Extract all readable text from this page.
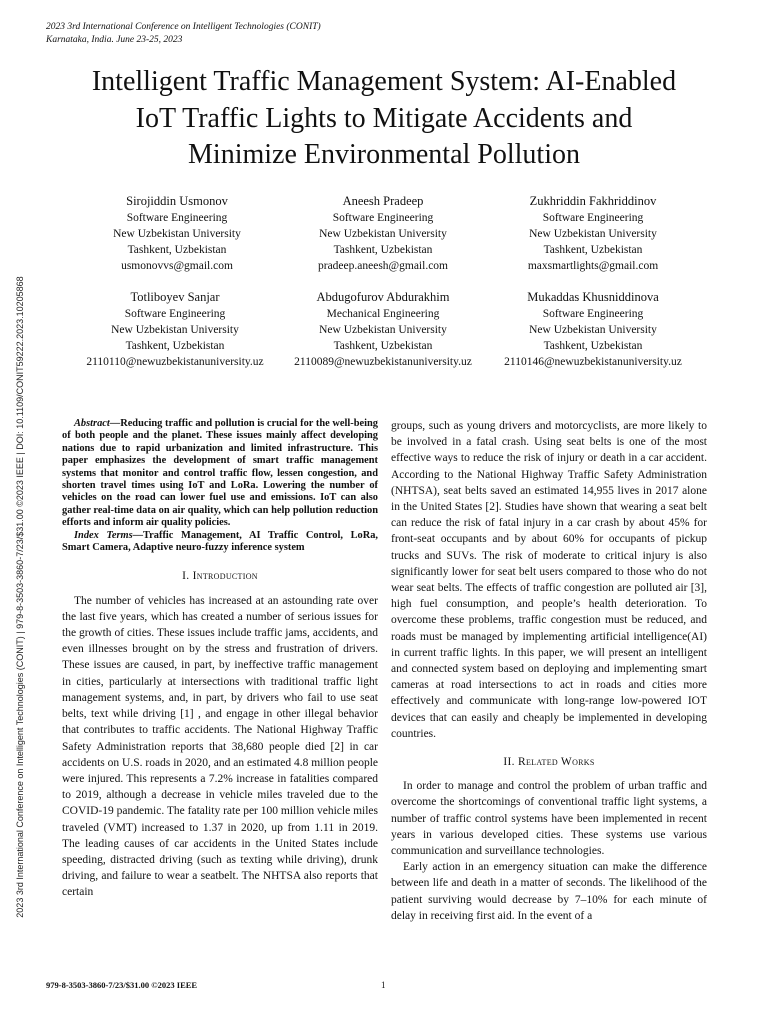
2023 3rd International Conference on Intelligent Technologies (CONIT)
Karnataka, India. June 23-25, 2023
Intelligent Traffic Management System: AI-Enabled
IoT Traffic Lights to Mitigate Accidents and
Minimize Environmental Pollution
Sirojiddin Usmonov
Software Engineering
New Uzbekistan University
Tashkent, Uzbekistan
usmonovvs@gmail.com
Aneesh Pradeep
Software Engineering
New Uzbekistan University
Tashkent, Uzbekistan
pradeep.aneesh@gmail.com
Zukhriddin Fakhriddinov
Software Engineering
New Uzbekistan University
Tashkent, Uzbekistan
maxsmartlights@gmail.com
Totliboyev Sanjar
Software Engineering
New Uzbekistan University
Tashkent, Uzbekistan
2110110@newuzbekistanuniversity.uz
Abdugofurov Abdurakhim
Mechanical Engineering
New Uzbekistan University
Tashkent, Uzbekistan
2110089@newuzbekistanuniversity.uz
Mukaddas Khusniddinova
Software Engineering
New Uzbekistan University
Tashkent, Uzbekistan
2110146@newuzbekistanuniversity.uz
2023 3rd International Conference on Intelligent Technologies (CONIT) | 979-8-3503-3860-7/23/$31.00 ©2023 IEEE | DOI: 10.1109/CONIT59222.2023.10205868	Abstract—Reducing traffic and pollution is crucial for the well-being of both people and the planet. These issues mainly affect developing nations due to rapid urbanization and limited infrastructure. This paper emphasizes the development of smart traffic management systems that monitor and control traffic flow, lessen congestion, and shorten travel times using IoT and LoRa. Lowering the number of vehicles on the road can lower fuel use and emissions. IoT can also gather real-time data on air quality, which can help pollution reduction efforts and inform air quality policies.

Index Terms—Traffic Management, AI Traffic Control, LoRa, Smart Camera, Adaptive neuro-fuzzy inference system

I. Introduction

The number of vehicles has increased at an astounding rate over the last five years, which has created a number of serious issues for the growth of cities. These issues include traffic jams, accidents, and even illnesses brought on by the stress and frustration of drivers. These issues are caused, in part, by ineffective traffic management in cities, particularly at intersections with traditional traffic light management systems, and, in part, by drivers who fail to use seat belts, text while driving [1] , and engage in other illegal behavior that contributes to traffic accidents. The National Highway Traffic Safety Administration reports that 38,680 people died [2] in car accidents on U.S. roads in 2020, and an estimated 4.8 million people were injured. This represents a 7.2% increase in fatalities compared to 2019, although a decrease in vehicle miles traveled due to the COVID-19 pandemic. The fatality rate per 100 million vehicle miles traveled (VMT) increased to 1.37 in 2020, up from 1.11 in 2019. The leading causes of car accidents in the United States include speeding, distracted driving (such as texting while driving), drunk driving, and failure to wear a seatbelt. The NHTSA also reports that certain

groups, such as young drivers and motorcyclists, are more likely to be involved in a fatal crash. Using seat belts is one of the most effective ways to reduce the risk of injury or death in a car accident. According to the National Highway Traffic Safety Administration (NHTSA), seat belts saved an estimated 14,955 lives in 2017 alone in the United States [2]. Studies have shown that wearing a seat belt can reduce the risk of fatal injury in a car crash by about 45% for front-seat occupants and by about 60% for occupants of pickup trucks and SUVs. The risk of moderate to critical injury is also significantly lower for seat belt users compared to those who do not wear seat belts. The effects of traffic congestion are polluted air [3], high fuel consumption, and people’s health deterioration. To overcome these problems, traffic congestion must be reduced, and roads must be managed by implementing artificial intelligence(AI) in current traffic lights. In this paper, we will present an intelligent and connected system based on deploying and implementing smart cameras at road intersections to act in roads and cities more effectively and communicate with long-range low-powered IOT devices that can easily and cheaply be implemented in developing countries.

II. Related Works

In order to manage and control the problem of urban traffic and overcome the shortcomings of conventional traffic light systems, a number of traffic control systems have been implemented in recent years in various developed cities. These systems use various communication and surveillance technologies.

Early action in an emergency situation can make the difference between life and death in a matter of seconds. The likelihood of the patient surviving would decrease by 7–10% for each minute of delay in receiving first aid. In the event of a

979-8-3503-3860-7/23/$31.00 ©2023 IEEE	1
